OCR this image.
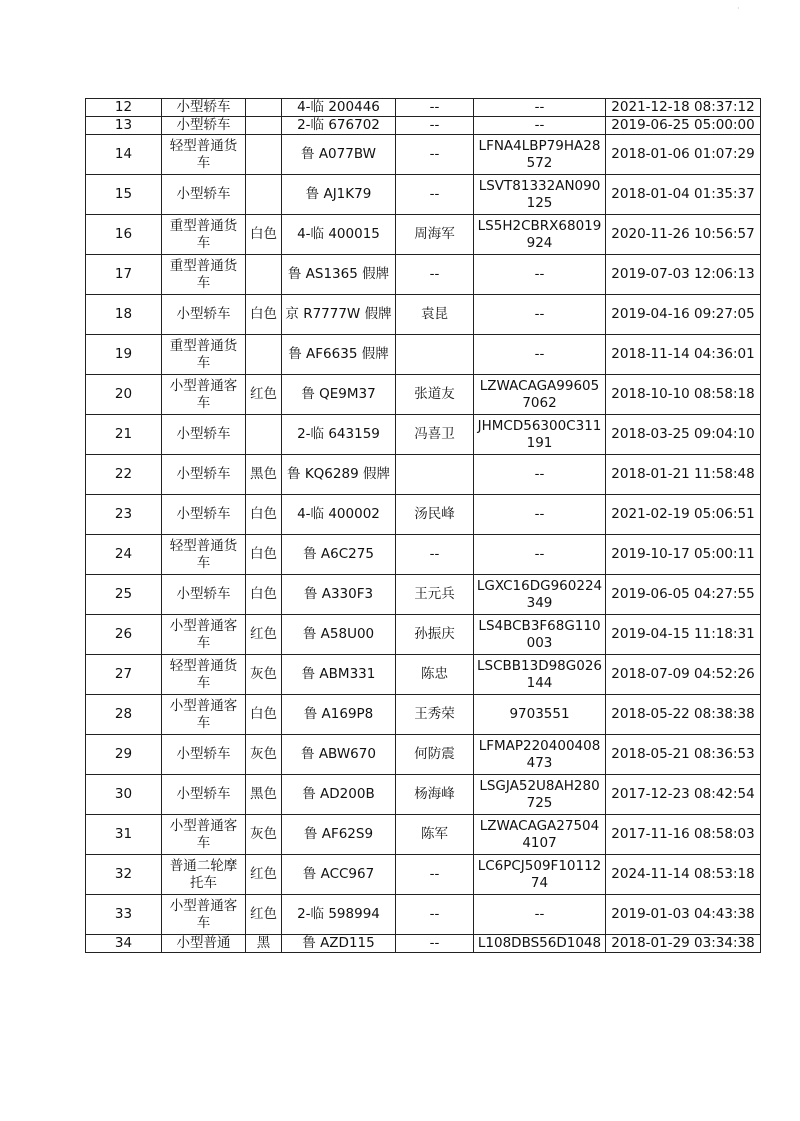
·
12	小型轿车		4-临 200446	--	--	2021-12-18 08:37:12
13	小型轿车		2-临 676702	--	--	2019-06-25 05:00:00
14	轻型普通货车		鲁 A077BW	--	LFNA4LBP79HA28572	2018-01-06 01:07:29
15	小型轿车		鲁 AJ1K79	--	LSVT81332AN090125	2018-01-04 01:35:37
16	重型普通货车	白色	4-临 400015	周海军	LS5H2CBRX68019924	2020-11-26 10:56:57
17	重型普通货车		鲁 AS1365 假牌	--	--	2019-07-03 12:06:13
18	小型轿车	白色	京 R7777W 假牌	袁昆	--	2019-04-16 09:27:05
19	重型普通货车		鲁 AF6635 假牌		--	2018-11-14 04:36:01
20	小型普通客车	红色	鲁 QE9M37	张道友	LZWACAGA996057062	2018-10-10 08:58:18
21	小型轿车		2-临 643159	冯喜卫	JHMCD56300C311191	2018-03-25 09:04:10
22	小型轿车	黑色	鲁 KQ6289 假牌		--	2018-01-21 11:58:48
23	小型轿车	白色	4-临 400002	汤民峰	--	2021-02-19 05:06:51
24	轻型普通货车	白色	鲁 A6C275	--	--	2019-10-17 05:00:11
25	小型轿车	白色	鲁 A330F3	王元兵	LGXC16DG960224349	2019-06-05 04:27:55
26	小型普通客车	红色	鲁 A58U00	孙振庆	LS4BCB3F68G110003	2019-04-15 11:18:31
27	轻型普通货车	灰色	鲁 ABM331	陈忠	LSCBB13D98G026144	2018-07-09 04:52:26
28	小型普通客车	白色	鲁 A169P8	王秀荣	9703551	2018-05-22 08:38:38
29	小型轿车	灰色	鲁 ABW670	何防震	LFMAP220400408473	2018-05-21 08:36:53
30	小型轿车	黑色	鲁 AD200B	杨海峰	LSGJA52U8AH280725	2017-12-23 08:42:54
31	小型普通客车	灰色	鲁 AF62S9	陈军	LZWACAGA275044107	2017-11-16 08:58:03
32	普通二轮摩托车	红色	鲁 ACC967	--	LC6PCJ509F1011274	2024-11-14 08:53:18
33	小型普通客车	红色	2-临 598994	--	--	2019-01-03 04:43:38
34	小型普通	黑	鲁 AZD115	--	L108DBS56D1048	2018-01-29 03:34:38
